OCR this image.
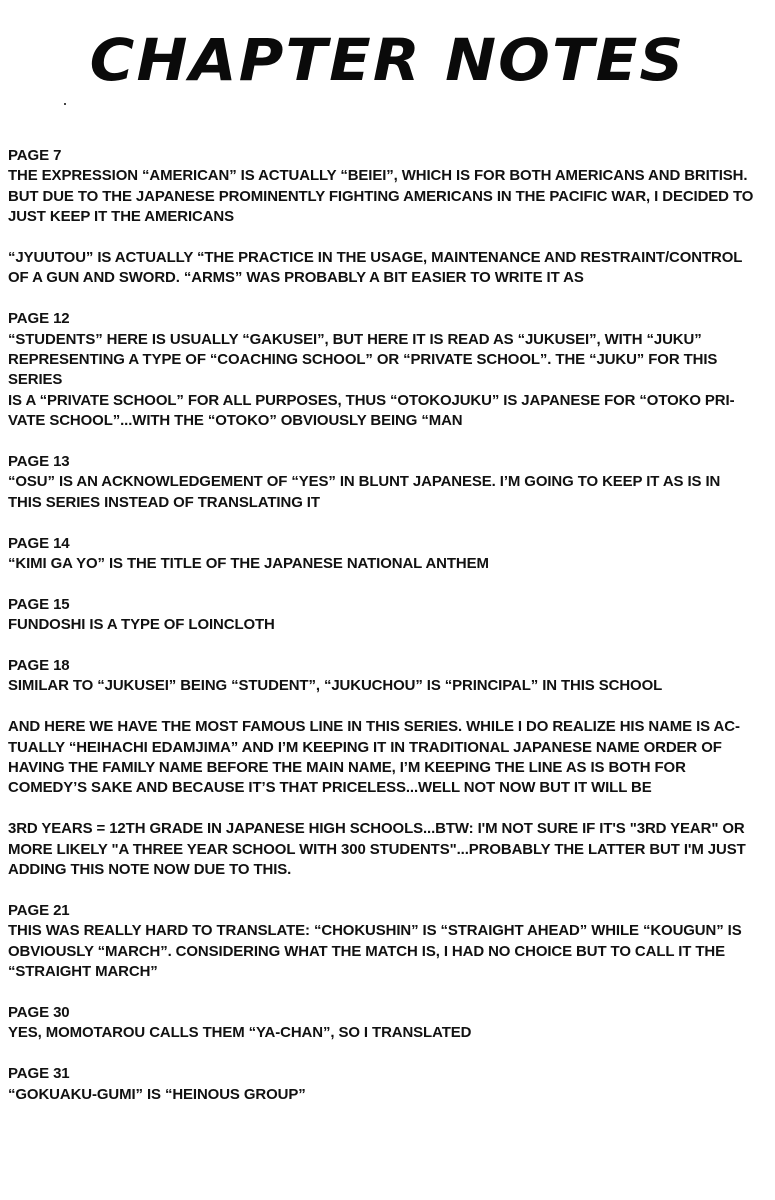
CHAPTER NOTES
PAGE 7
THE EXPRESSION “AMERICAN” IS ACTUALLY “BEIEI”, WHICH IS FOR BOTH AMERICANS AND BRITISH.
BUT DUE TO THE JAPANESE PROMINENTLY FIGHTING AMERICANS IN THE PACIFIC WAR, I DECIDED TO
JUST KEEP IT THE AMERICANS
“JYUUTOU” IS ACTUALLY “THE PRACTICE IN THE USAGE, MAINTENANCE AND RESTRAINT/CONTROL
OF A GUN AND SWORD. “ARMS” WAS PROBABLY A BIT EASIER TO WRITE IT AS
PAGE 12
“STUDENTS” HERE IS USUALLY “GAKUSEI”, BUT HERE IT IS READ AS “JUKUSEI”, WITH “JUKU”
REPRESENTING A TYPE OF “COACHING SCHOOL” OR “PRIVATE SCHOOL”. THE “JUKU” FOR THIS
SERIES
IS A “PRIVATE SCHOOL” FOR ALL PURPOSES, THUS “OTOKOJUKU” IS JAPANESE FOR “OTOKO PRI-
VATE SCHOOL”...WITH THE “OTOKO” OBVIOUSLY BEING “MAN
PAGE 13
“OSU” IS AN ACKNOWLEDGEMENT OF “YES” IN BLUNT JAPANESE. I’M GOING TO KEEP IT AS IS IN
THIS SERIES INSTEAD OF TRANSLATING IT
PAGE 14
“KIMI GA YO” IS THE TITLE OF THE JAPANESE NATIONAL ANTHEM
PAGE 15
FUNDOSHI IS A TYPE OF LOINCLOTH
PAGE 18
SIMILAR TO “JUKUSEI” BEING “STUDENT”, “JUKUCHOU” IS “PRINCIPAL” IN THIS SCHOOL
AND HERE WE HAVE THE MOST FAMOUS LINE IN THIS SERIES. WHILE I DO REALIZE HIS NAME IS AC-
TUALLY “HEIHACHI EDAMJIMA” AND I’M KEEPING IT IN TRADITIONAL JAPANESE NAME ORDER OF
HAVING THE FAMILY NAME BEFORE THE MAIN NAME, I’M KEEPING THE LINE AS IS BOTH FOR
COMEDY’S SAKE AND BECAUSE IT’S THAT PRICELESS...WELL NOT NOW BUT IT WILL BE
3RD YEARS = 12TH GRADE IN JAPANESE HIGH SCHOOLS...BTW: I'M NOT SURE IF IT'S "3RD YEAR" OR
MORE LIKELY "A THREE YEAR SCHOOL WITH 300 STUDENTS"...PROBABLY THE LATTER BUT I'M JUST
ADDING THIS NOTE NOW DUE TO THIS.
PAGE 21
THIS WAS REALLY HARD TO TRANSLATE: “CHOKUSHIN” IS “STRAIGHT AHEAD” WHILE “KOUGUN” IS
OBVIOUSLY “MARCH”. CONSIDERING WHAT THE MATCH IS, I HAD NO CHOICE BUT TO CALL IT THE
“STRAIGHT MARCH”
PAGE 30
YES, MOMOTAROU CALLS THEM “YA-CHAN”, SO I TRANSLATED
PAGE 31
“GOKUAKU-GUMI” IS “HEINOUS GROUP”
